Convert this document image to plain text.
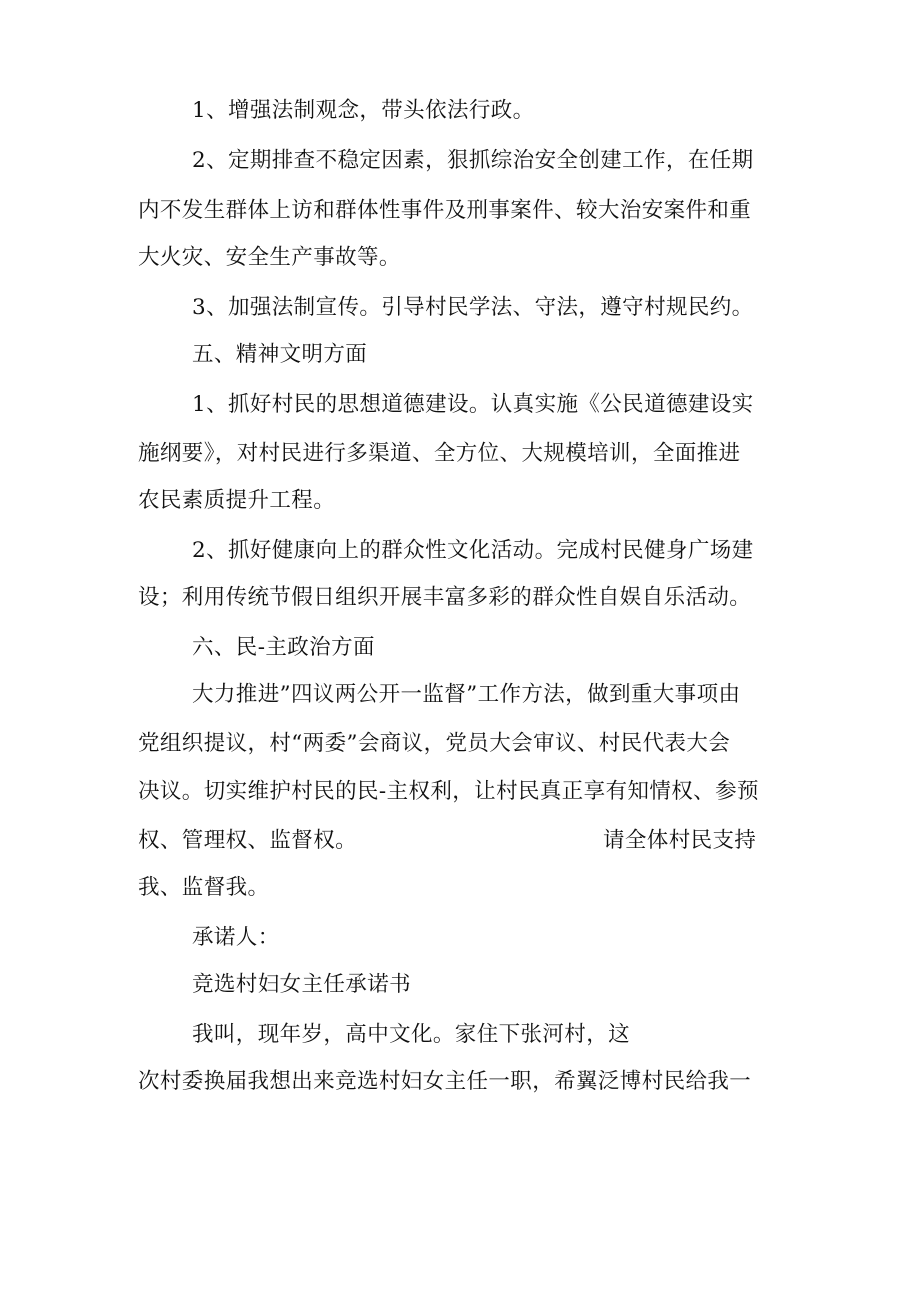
1、增强法制观念，带头依法行政。
2、定期排查不稳定因素，狠抓综治安全创建工作，在任期
内不发生群体上访和群体性事件及刑事案件、较大治安案件和重
大火灾、安全生产事故等。
3、加强法制宣传。引导村民学法、守法，遵守村规民约。
五、精神文明方面
1、抓好村民的思想道德建设。认真实施《公民道德建设实
施纲要》，对村民进行多渠道、全方位、大规模培训，全面推进
农民素质提升工程。
2、抓好健康向上的群众性文化活动。完成村民健身广场建
设；利用传统节假日组织开展丰富多彩的群众性自娱自乐活动。
六、民-主政治方面
大力推进”四议两公开一监督”工作方法，做到重大事项由
党组织提议，村“两委”会商议，党员大会审议、村民代表大会
决议。切实维护村民的民-主权利，让村民真正享有知情权、参预
权、管理权、监督权。	请全体村民支持
我、监督我。
承诺人：
竞选村妇女主任承诺书
我叫，现年岁，高中文化。家住下张河村，这
次村委换届我想出来竞选村妇女主任一职，希翼泛博村民给我一
